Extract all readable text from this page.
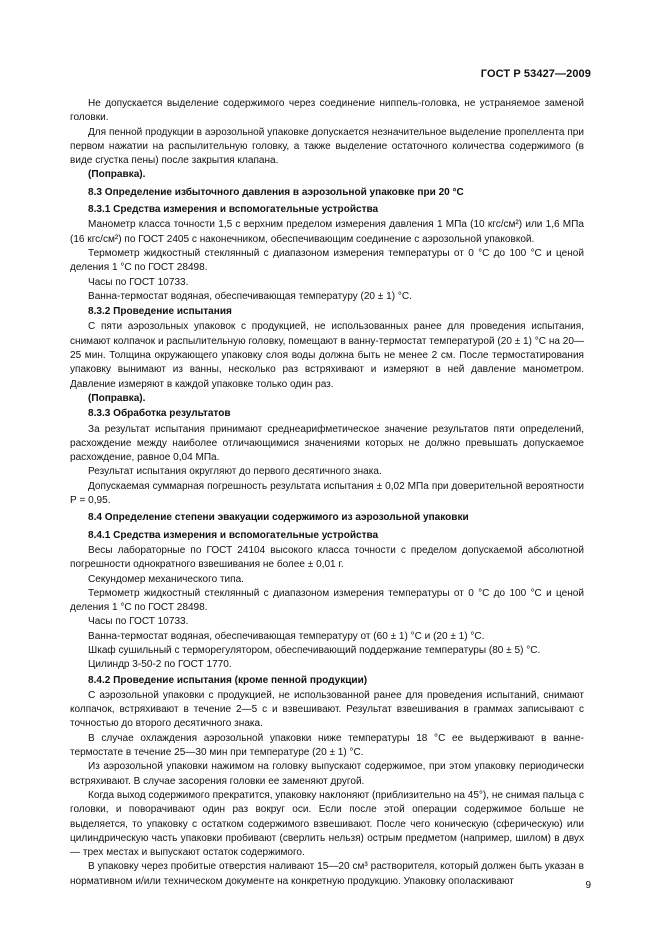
ГОСТ Р 53427—2009

Не допускается выделение содержимого через соединение ниппель-головка, не устраняемое заменой головки.

Для пенной продукции в аэрозольной упаковке допускается незначительное выделение пропеллента при первом нажатии на распылительную головку, а также выделение остаточного количества содержимого (в виде сгустка пены) после закрытия клапана.

(Поправка).

8.3 Определение избыточного давления в аэрозольной упаковке при 20 °С

8.3.1 Средства измерения и вспомогательные устройства

Манометр класса точности 1,5 с верхним пределом измерения давления 1 МПа (10 кгс/см²) или 1,6 МПа (16 кгс/см²) по ГОСТ 2405 с наконечником, обеспечивающим соединение с аэрозольной упаковкой.

Термометр жидкостный стеклянный с диапазоном измерения температуры от 0 °С до 100 °С и ценой деления 1 °С по ГОСТ 28498.

Часы по ГОСТ 10733.

Ванна-термостат водяная, обеспечивающая температуру (20 ± 1) °С.

8.3.2 Проведение испытания

С пяти аэрозольных упаковок с продукцией, не использованных ранее для проведения испытания, снимают колпачок и распылительную головку, помещают в ванну-термостат температурой (20 ± 1) °С на 20—25 мин. Толщина окружающего упаковку слоя воды должна быть не менее 2 см. После термостатирования упаковку вынимают из ванны, несколько раз встряхивают и измеряют в ней давление манометром. Давление измеряют в каждой упаковке только один раз.

(Поправка).

8.3.3 Обработка результатов

За результат испытания принимают среднеарифметическое значение результатов пяти определений, расхождение между наиболее отличающимися значениями которых не должно превышать допускаемое расхождение, равное 0,04 МПа.

Результат испытания округляют до первого десятичного знака.

Допускаемая суммарная погрешность результата испытания ± 0,02 МПа при доверительной вероятности Р = 0,95.

8.4 Определение степени эвакуации содержимого из аэрозольной упаковки

8.4.1 Средства измерения и вспомогательные устройства

Весы лабораторные по ГОСТ 24104 высокого класса точности с пределом допускаемой абсолютной погрешности однократного взвешивания не более ± 0,01 г.

Секундомер механического типа.

Термометр жидкостный стеклянный с диапазоном измерения температуры от 0 °С до 100 °С и ценой деления 1 °С по ГОСТ 28498.

Часы по ГОСТ 10733.

Ванна-термостат водяная, обеспечивающая температуру от (60 ± 1) °С и (20 ± 1) °С.

Шкаф сушильный с терморегулятором, обеспечивающий поддержание температуры (80 ± 5) °С.

Цилиндр 3-50-2 по ГОСТ 1770.

8.4.2 Проведение испытания (кроме пенной продукции)

С аэрозольной упаковки с продукцией, не использованной ранее для проведения испытаний, снимают колпачок, встряхивают в течение 2—5 с и взвешивают. Результат взвешивания в граммах записывают с точностью до второго десятичного знака.

В случае охлаждения аэрозольной упаковки ниже температуры 18 °С ее выдерживают в ванне-термостате в течение 25—30 мин при температуре (20 ± 1) °С.

Из аэрозольной упаковки нажимом на головку выпускают содержимое, при этом упаковку периодически встряхивают. В случае засорения головки ее заменяют другой.

Когда выход содержимого прекратится, упаковку наклоняют (приблизительно на 45°), не снимая пальца с головки, и поворачивают один раз вокруг оси. Если после этой операции содержимое больше не выделяется, то упаковку с остатком содержимого взвешивают. После чего коническую (сферическую) или цилиндрическую часть упаковки пробивают (сверлить нельзя) острым предметом (например, шилом) в двух — трех местах и выпускают остаток содержимого.

В упаковку через пробитые отверстия наливают 15—20 см³ растворителя, который должен быть указан в нормативном и/или техническом документе на конкретную продукцию. Упаковку ополаскивают	9
